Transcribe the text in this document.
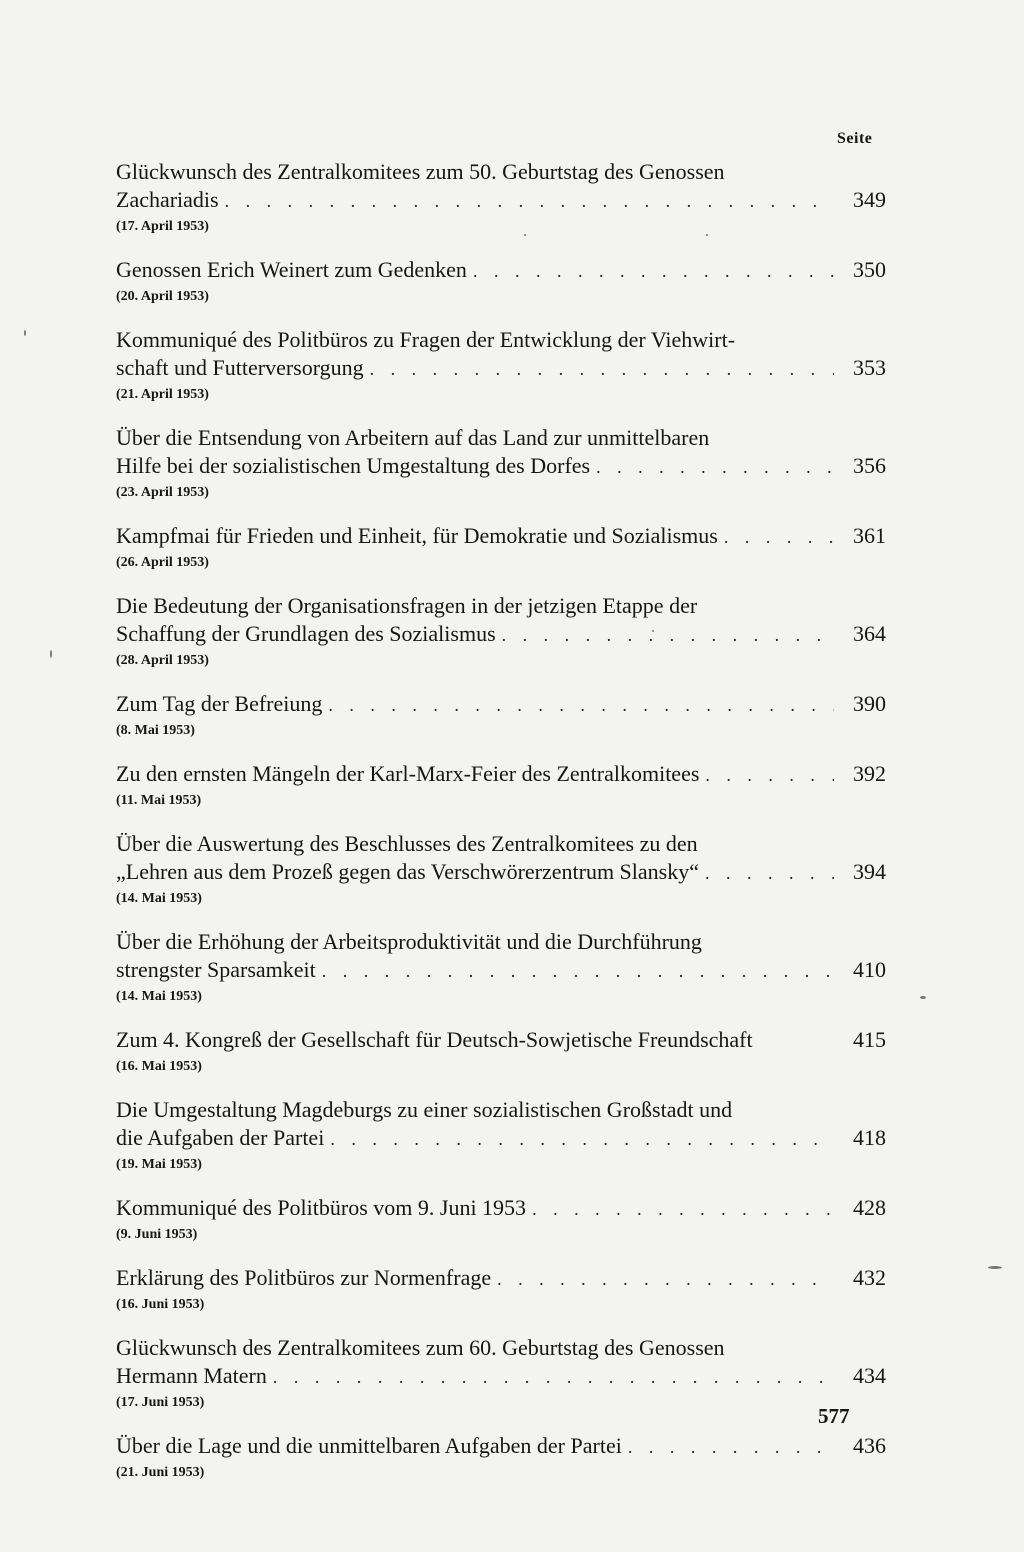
Seite
Glückwunsch des Zentralkomitees zum 50. Geburtstag des Genossen
Zachariadis . . .	349
(17. April 1953)
Genossen Erich Weinert zum Gedenken . . .	350
(20. April 1953)
Kommuniqué des Politbüros zu Fragen der Entwicklung der Viehwirt-
schaft und Futterversorgung . . .	353
(21. April 1953)
Über die Entsendung von Arbeitern auf das Land zur unmittelbaren
Hilfe bei der sozialistischen Umgestaltung des Dorfes . . .	356
(23. April 1953)
Kampfmai für Frieden und Einheit, für Demokratie und Sozialismus . . .	361
(26. April 1953)
Die Bedeutung der Organisationsfragen in der jetzigen Etappe der
Schaffung der Grundlagen des Sozialismus . . .	364
(28. April 1953)
Zum Tag der Befreiung . . .	390
(8. Mai 1953)
Zu den ernsten Mängeln der Karl-Marx-Feier des Zentralkomitees . . .	392
(11. Mai 1953)
Über die Auswertung des Beschlusses des Zentralkomitees zu den
„Lehren aus dem Prozeß gegen das Verschwörerzentrum Slansky“ . . .	394
(14. Mai 1953)
Über die Erhöhung der Arbeitsproduktivität und die Durchführung
strengster Sparsamkeit . . .	410
(14. Mai 1953)
Zum 4. Kongreß der Gesellschaft für Deutsch-Sowjetische Freundschaft	415
(16. Mai 1953)
Die Umgestaltung Magdeburgs zu einer sozialistischen Großstadt und
die Aufgaben der Partei . . .	418
(19. Mai 1953)
Kommuniqué des Politbüros vom 9. Juni 1953 . . .	428
(9. Juni 1953)
Erklärung des Politbüros zur Normenfrage . . .	432
(16. Juni 1953)
Glückwunsch des Zentralkomitees zum 60. Geburtstag des Genossen
Hermann Matern . . .	434
(17. Juni 1953)
Über die Lage und die unmittelbaren Aufgaben der Partei . . .	436
(21. Juni 1953)
577
